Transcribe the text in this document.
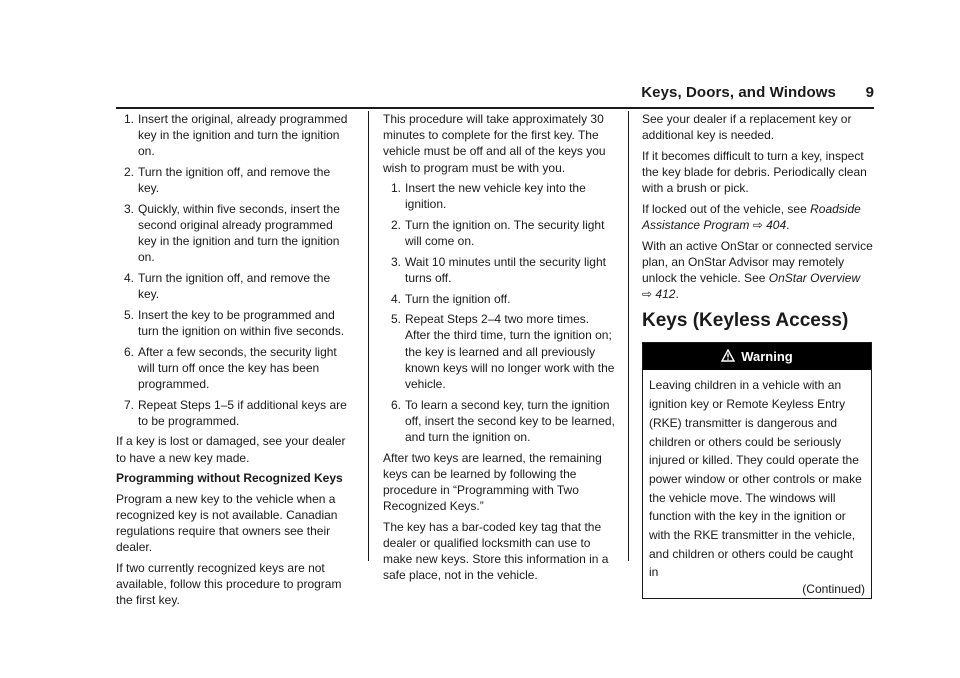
Keys, Doors, and Windows 9
1. Insert the original, already programmed key in the ignition and turn the ignition on.
2. Turn the ignition off, and remove the key.
3. Quickly, within five seconds, insert the second original already programmed key in the ignition and turn the ignition on.
4. Turn the ignition off, and remove the key.
5. Insert the key to be programmed and turn the ignition on within five seconds.
6. After a few seconds, the security light will turn off once the key has been programmed.
7. Repeat Steps 1–5 if additional keys are to be programmed.

If a key is lost or damaged, see your dealer to have a new key made.

Programming without Recognized Keys

Program a new key to the vehicle when a recognized key is not available. Canadian regulations require that owners see their dealer.

If two currently recognized keys are not available, follow this procedure to program the first key.

This procedure will take approximately 30 minutes to complete for the first key. The vehicle must be off and all of the keys you wish to program must be with you.

1. Insert the new vehicle key into the ignition.
2. Turn the ignition on. The security light will come on.
3. Wait 10 minutes until the security light turns off.
4. Turn the ignition off.
5. Repeat Steps 2–4 two more times. After the third time, turn the ignition on; the key is learned and all previously known keys will no longer work with the vehicle.
6. To learn a second key, turn the ignition off, insert the second key to be learned, and turn the ignition on.

After two keys are learned, the remaining keys can be learned by following the procedure in “Programming with Two Recognized Keys.”

The key has a bar-coded key tag that the dealer or qualified locksmith can use to make new keys. Store this information in a safe place, not in the vehicle.

See your dealer if a replacement key or additional key is needed.

If it becomes difficult to turn a key, inspect the key blade for debris. Periodically clean with a brush or pick.

If locked out of the vehicle, see Roadside Assistance Program ⇨ 404.

With an active OnStar or connected service plan, an OnStar Advisor may remotely unlock the vehicle. See OnStar Overview
⇨ 412.

Keys (Keyless Access)
Warning
Leaving children in a vehicle with an ignition key or Remote Keyless Entry (RKE) transmitter is dangerous and children or others could be seriously injured or killed. They could operate the power window or other controls or make the vehicle move. The windows will function with the key in the ignition or with the RKE transmitter in the vehicle, and children or others could be caught in
(Continued)
